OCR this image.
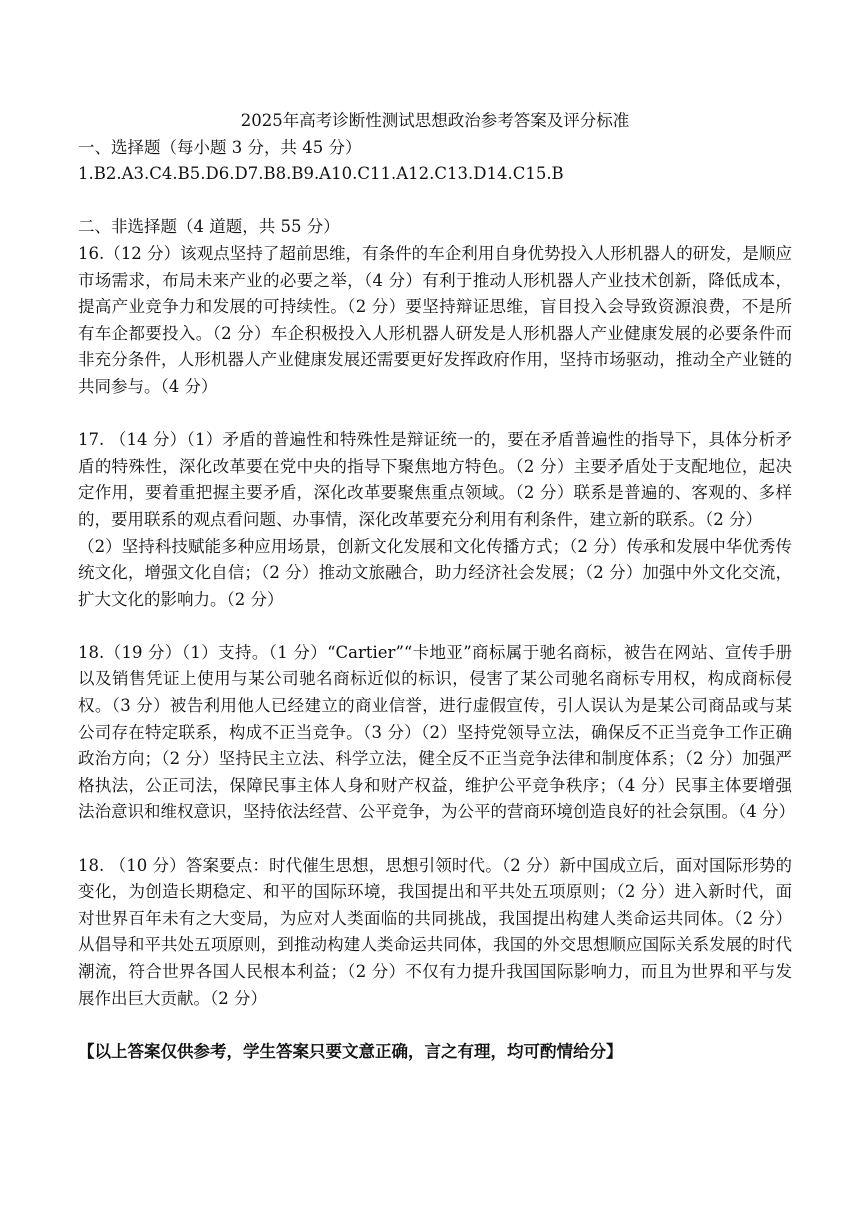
2025年高考诊断性测试思想政治参考答案及评分标准

一、选择题（每小题 3 分，共 45 分）

1.B2.A3.C4.B5.D6.D7.B8.B9.A10.C11.A12.C13.D14.C15.B

二、非选择题（4 道题，共 55 分）

16.（12 分）该观点坚持了超前思维，有条件的车企利用自身优势投入人形机器人的研发，是顺应市场需求，布局未来产业的必要之举，（4 分）有利于推动人形机器人产业技术创新，降低成本，提高产业竞争力和发展的可持续性。（2 分）要坚持辩证思维，盲目投入会导致资源浪费，不是所有车企都要投入。（2 分）车企积极投入人形机器人研发是人形机器人产业健康发展的必要条件而非充分条件，人形机器人产业健康发展还需要更好发挥政府作用，坚持市场驱动，推动全产业链的共同参与。（4 分）

17. （14 分）（1）矛盾的普遍性和特殊性是辩证统一的，要在矛盾普遍性的指导下，具体分析矛盾的特殊性，深化改革要在党中央的指导下聚焦地方特色。（2 分）主要矛盾处于支配地位，起决定作用，要着重把握主要矛盾，深化改革要聚焦重点领域。（2 分）联系是普遍的、客观的、多样的，要用联系的观点看问题、办事情，深化改革要充分利用有利条件，建立新的联系。（2 分）

（2）坚持科技赋能多种应用场景，创新文化发展和文化传播方式；（2 分）传承和发展中华优秀传统文化，增强文化自信；（2 分）推动文旅融合，助力经济社会发展；（2 分）加强中外文化交流，扩大文化的影响力。（2 分）

18.（19 分）（1）支持。（1 分）“Cartier”“卡地亚”商标属于驰名商标，被告在网站、宣传手册以及销售凭证上使用与某公司驰名商标近似的标识，侵害了某公司驰名商标专用权，构成商标侵权。（3 分）被告利用他人已经建立的商业信誉，进行虚假宣传，引人误认为是某公司商品或与某公司存在特定联系，构成不正当竞争。（3 分）（2）坚持党领导立法，确保反不正当竞争工作正确政治方向；（2 分）坚持民主立法、科学立法，健全反不正当竞争法律和制度体系；（2 分）加强严格执法，公正司法，保障民事主体人身和财产权益，维护公平竞争秩序；（4 分）民事主体要增强法治意识和维权意识，坚持依法经营、公平竞争，为公平的营商环境创造良好的社会氛围。（4 分）

18. （10 分）答案要点：时代催生思想，思想引领时代。（2 分）新中国成立后，面对国际形势的变化，为创造长期稳定、和平的国际环境，我国提出和平共处五项原则；（2 分）进入新时代，面对世界百年未有之大变局，为应对人类面临的共同挑战，我国提出构建人类命运共同体。（2 分）从倡导和平共处五项原则，到推动构建人类命运共同体，我国的外交思想顺应国际关系发展的时代潮流，符合世界各国人民根本利益；（2 分）不仅有力提升我国国际影响力，而且为世界和平与发展作出巨大贡献。（2 分）

【以上答案仅供参考，学生答案只要文意正确，言之有理，均可酌情给分】
